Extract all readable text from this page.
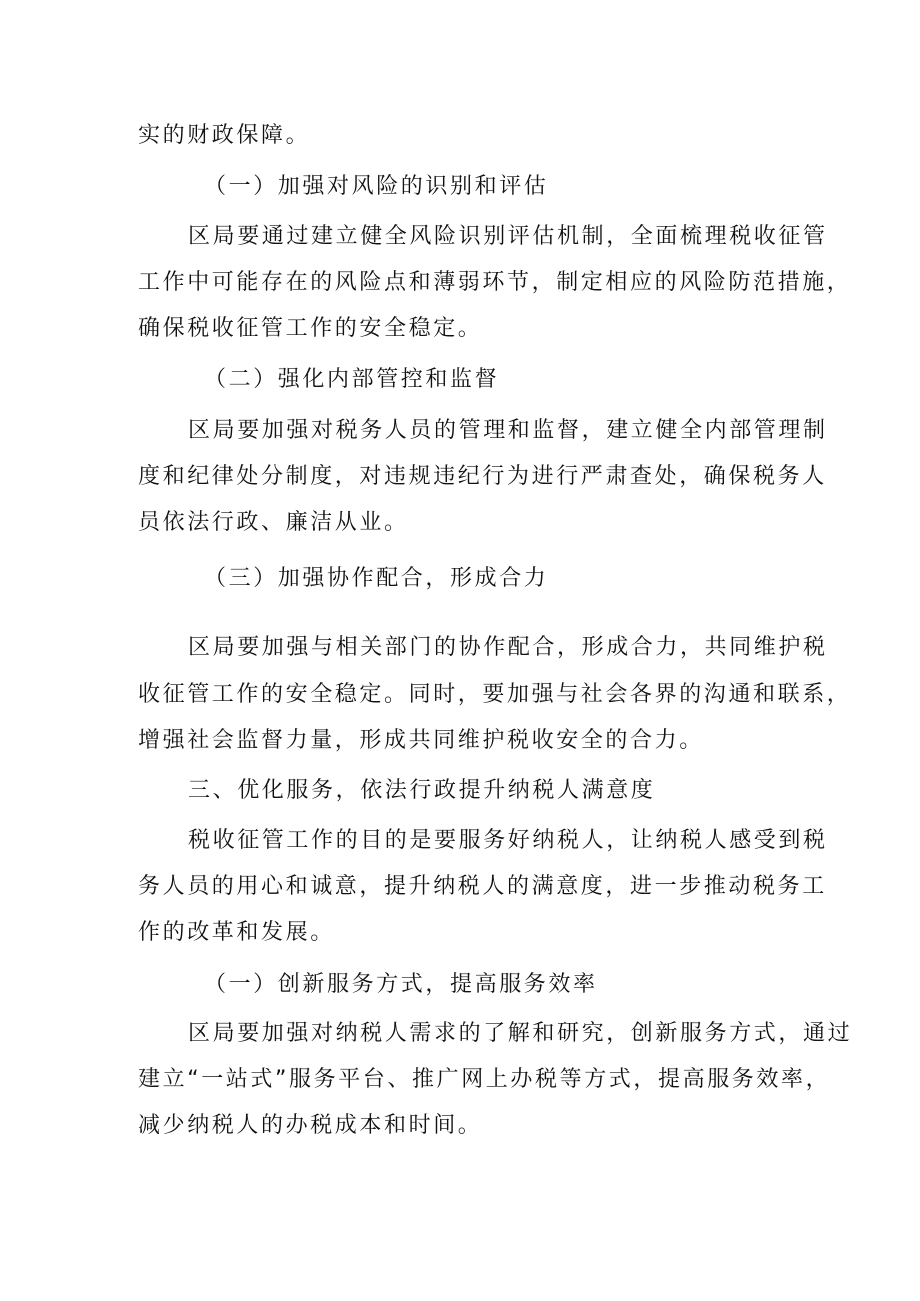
实的财政保障。
（一）加强对风险的识别和评估
区局要通过建立健全风险识别评估机制，全面梳理税收征管
工作中可能存在的风险点和薄弱环节，制定相应的风险防范措施，
确保税收征管工作的安全稳定。
（二）强化内部管控和监督
区局要加强对税务人员的管理和监督，建立健全内部管理制
度和纪律处分制度，对违规违纪行为进行严肃查处，确保税务人
员依法行政、廉洁从业。
（三）加强协作配合，形成合力
区局要加强与相关部门的协作配合，形成合力，共同维护税
收征管工作的安全稳定。同时，要加强与社会各界的沟通和联系，
增强社会监督力量，形成共同维护税收安全的合力。
三、优化服务，依法行政提升纳税人满意度
税收征管工作的目的是要服务好纳税人，让纳税人感受到税
务人员的用心和诚意，提升纳税人的满意度，进一步推动税务工
作的改革和发展。
（一）创新服务方式，提高服务效率
区局要加强对纳税人需求的了解和研究，创新服务方式，通过
建立“一站式”服务平台、推广网上办税等方式，提高服务效率，
减少纳税人的办税成本和时间。
